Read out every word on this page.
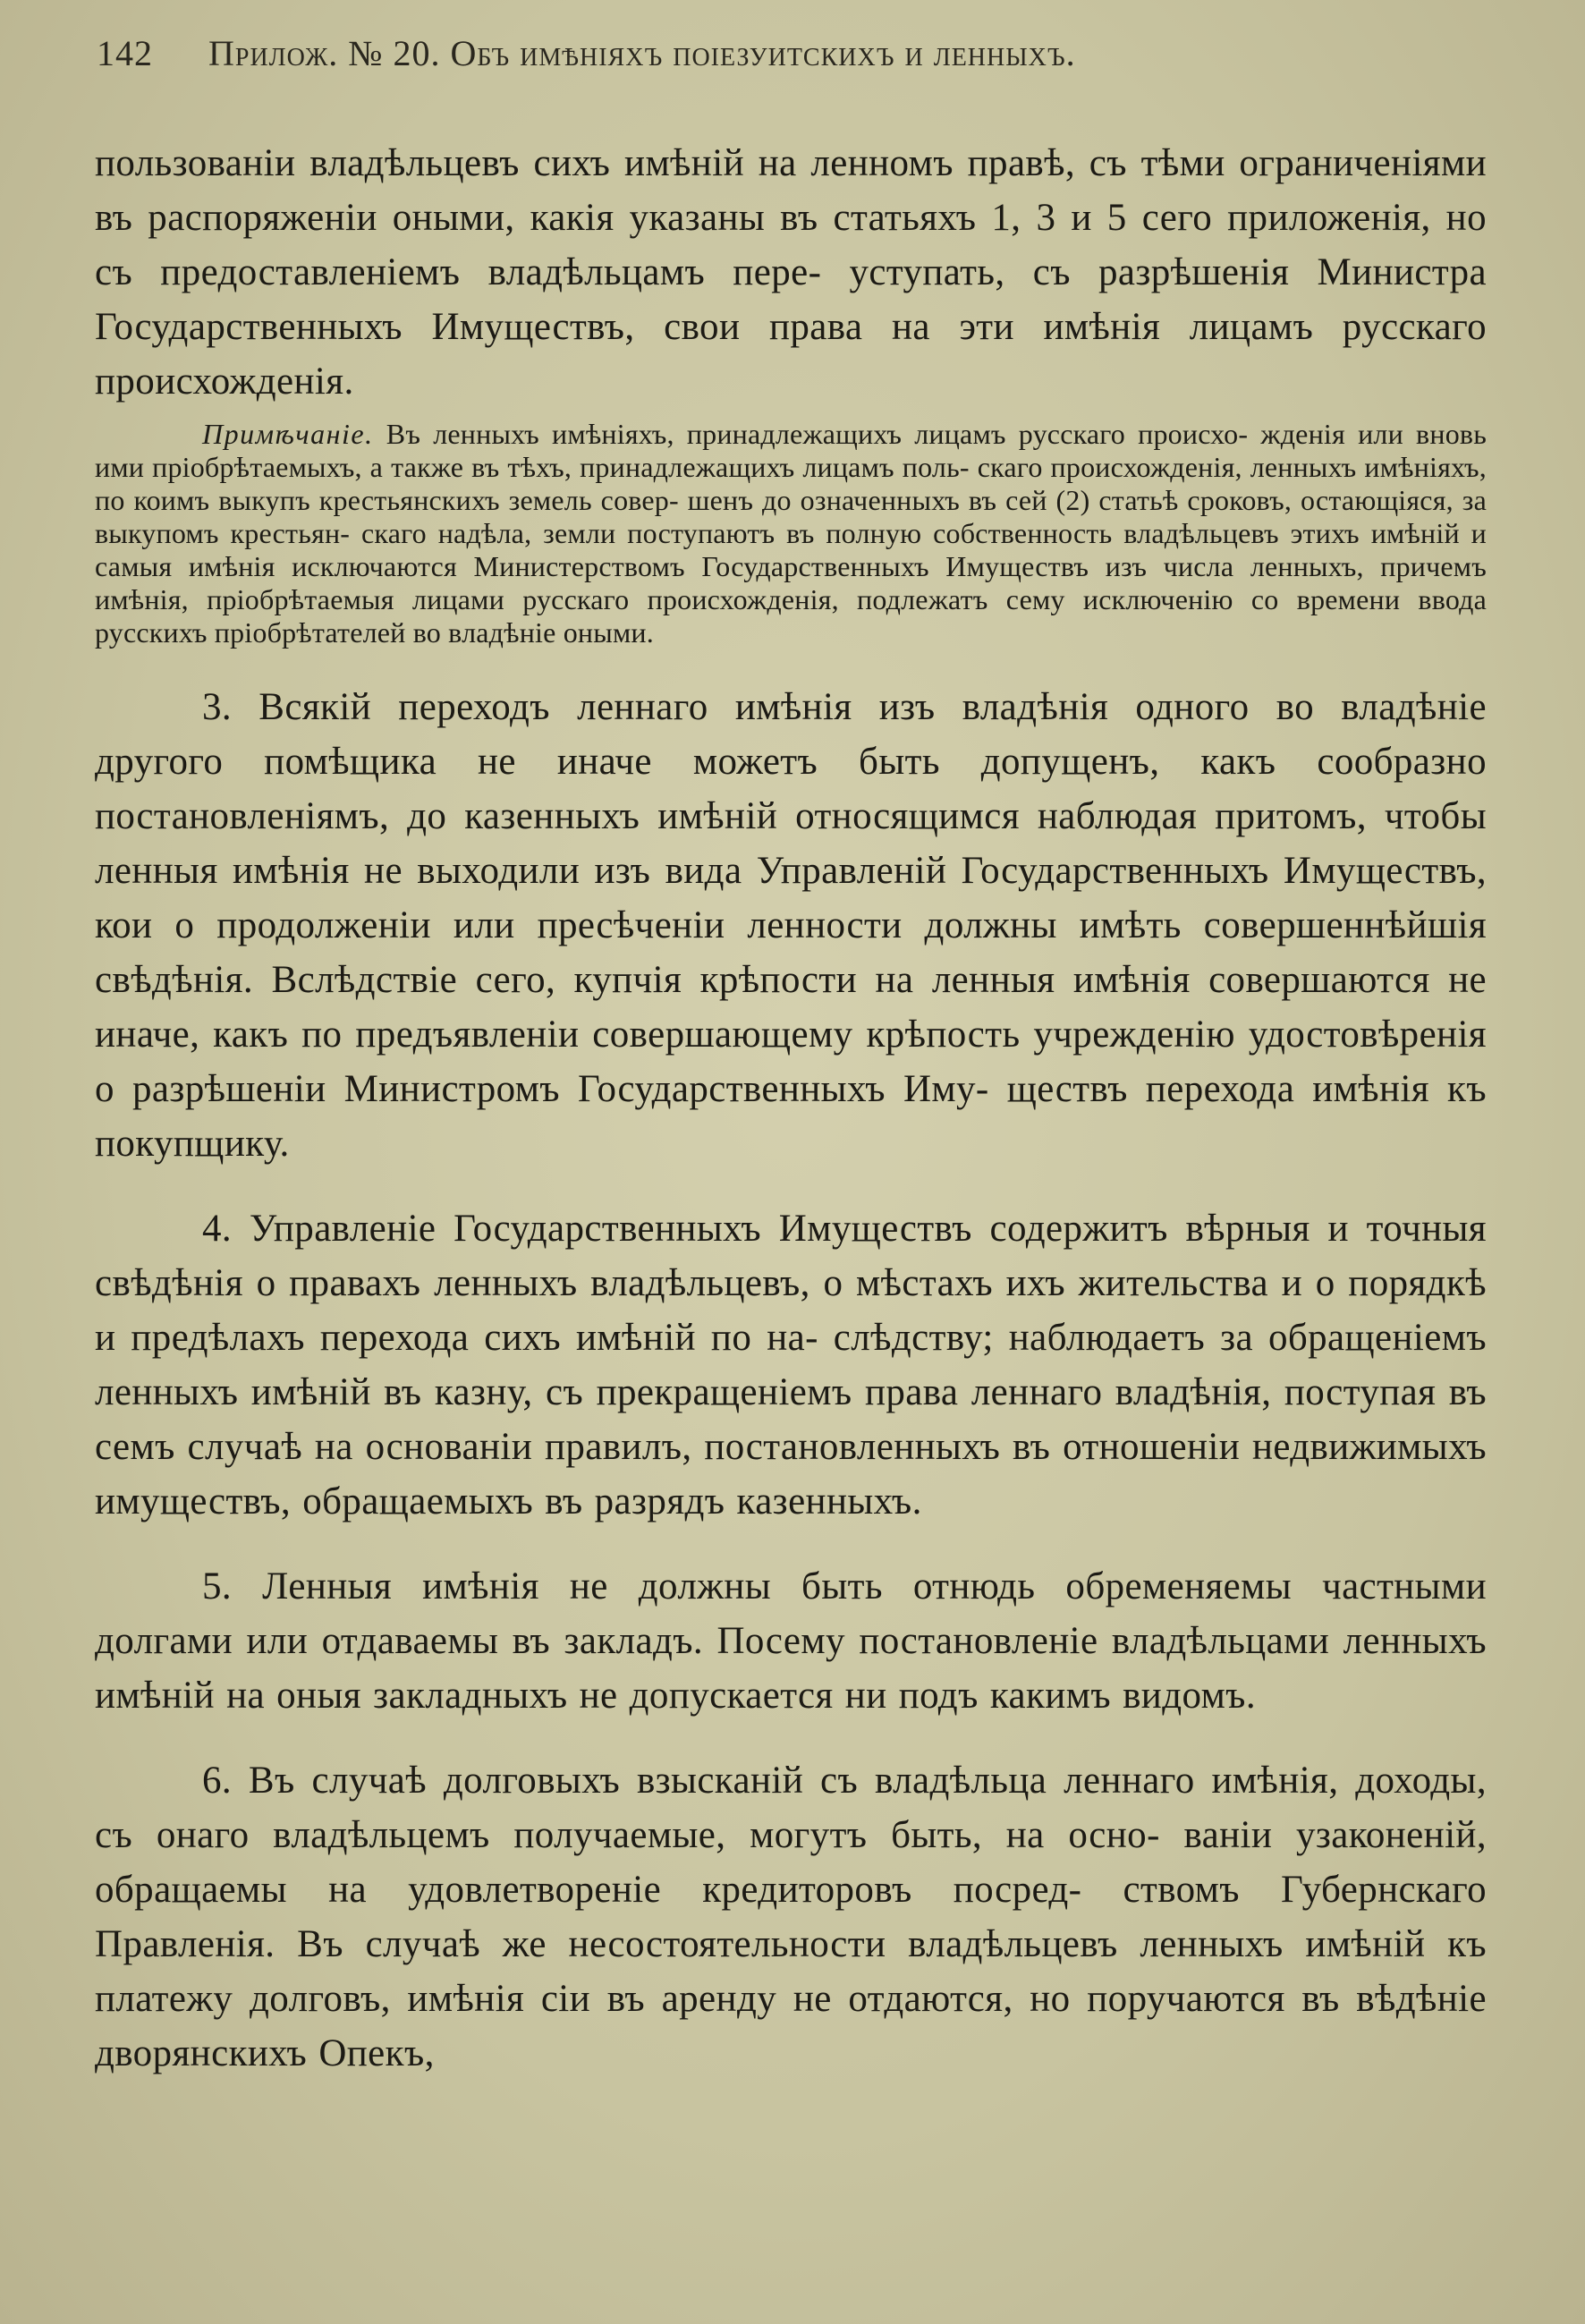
142	Прилож. № 20. Объ имѣніяхъ поiезуитскихъ и ленныхъ.

пользованіи владѣльцевъ сихъ имѣній на ленномъ правѣ, съ тѣми ограниченіями въ распоряженіи оными, какія указаны въ статьяхъ 1, 3 и 5 сего приложенія, но съ предоставленіемъ владѣльцамъ пере- уступать, съ разрѣшенія Министра Государственныхъ Имуществъ, свои права на эти имѣнія лицамъ русскаго происхожденія.

Примѣчаніе. Въ ленныхъ имѣніяхъ, принадлежащихъ лицамъ русскаго происхо- жденія или вновь ими пріобрѣтаемыхъ, а также въ тѣхъ, принадлежащихъ лицамъ поль- скаго происхожденія, ленныхъ имѣніяхъ, по коимъ выкупъ крестьянскихъ земель совер- шенъ до означенныхъ въ сей (2) статьѣ сроковъ, остающіяся, за выкупомъ крестьян- скаго надѣла, земли поступаютъ въ полную собственность владѣльцевъ этихъ имѣній и самыя имѣнія исключаются Министерствомъ Государственныхъ Имуществъ изъ числа ленныхъ, причемъ имѣнія, пріобрѣтаемыя лицами русскаго происхожденія, подлежатъ сему исключенію со времени ввода русскихъ пріобрѣтателей во владѣніе оными.

3. Всякій переходъ леннаго имѣнія изъ владѣнія одного во владѣніе другого помѣщика не иначе можетъ быть допущенъ, какъ сообразно постановленіямъ, до казенныхъ имѣній относящимся наблюдая притомъ, чтобы ленныя имѣнія не выходили изъ вида Управленій Государственныхъ Имуществъ, кои о продолженіи или пресѣченіи ленности должны имѣть совершеннѣйшія свѣдѣнія. Вслѣдствіе сего, купчія крѣпости на ленныя имѣнія совершаются не иначе, какъ по предъявленіи совершающему крѣпость учрежденію удостовѣренія о разрѣшеніи Министромъ Государственныхъ Иму- ществъ перехода имѣнія къ покупщику.

4. Управленіе Государственныхъ Имуществъ содержитъ вѣрныя и точныя свѣдѣнія о правахъ ленныхъ владѣльцевъ, о мѣстахъ ихъ жительства и о порядкѣ и предѣлахъ перехода сихъ имѣній по на- слѣдству; наблюдаетъ за обращеніемъ ленныхъ имѣній въ казну, съ прекращеніемъ права леннаго владѣнія, поступая въ семъ случаѣ на основаніи правилъ, постановленныхъ въ отношеніи недвижимыхъ имуществъ, обращаемыхъ въ разрядъ казенныхъ.

5. Ленныя имѣнія не должны быть отнюдь обременяемы частными долгами или отдаваемы въ закладъ. Посему постановленіе владѣльцами ленныхъ имѣній на оныя закладныхъ не допускается ни подъ какимъ видомъ.

6. Въ случаѣ долговыхъ взысканій съ владѣльца леннаго имѣнія, доходы, съ онаго владѣльцемъ получаемые, могутъ быть, на осно- ваніи узаконеній, обращаемы на удовлетвореніе кредиторовъ посред- ствомъ Губернскаго Правленія. Въ случаѣ же несостоятельности владѣльцевъ ленныхъ имѣній къ платежу долговъ, имѣнія сіи въ аренду не отдаются, но поручаются въ вѣдѣніе дворянскихъ Опекъ,
